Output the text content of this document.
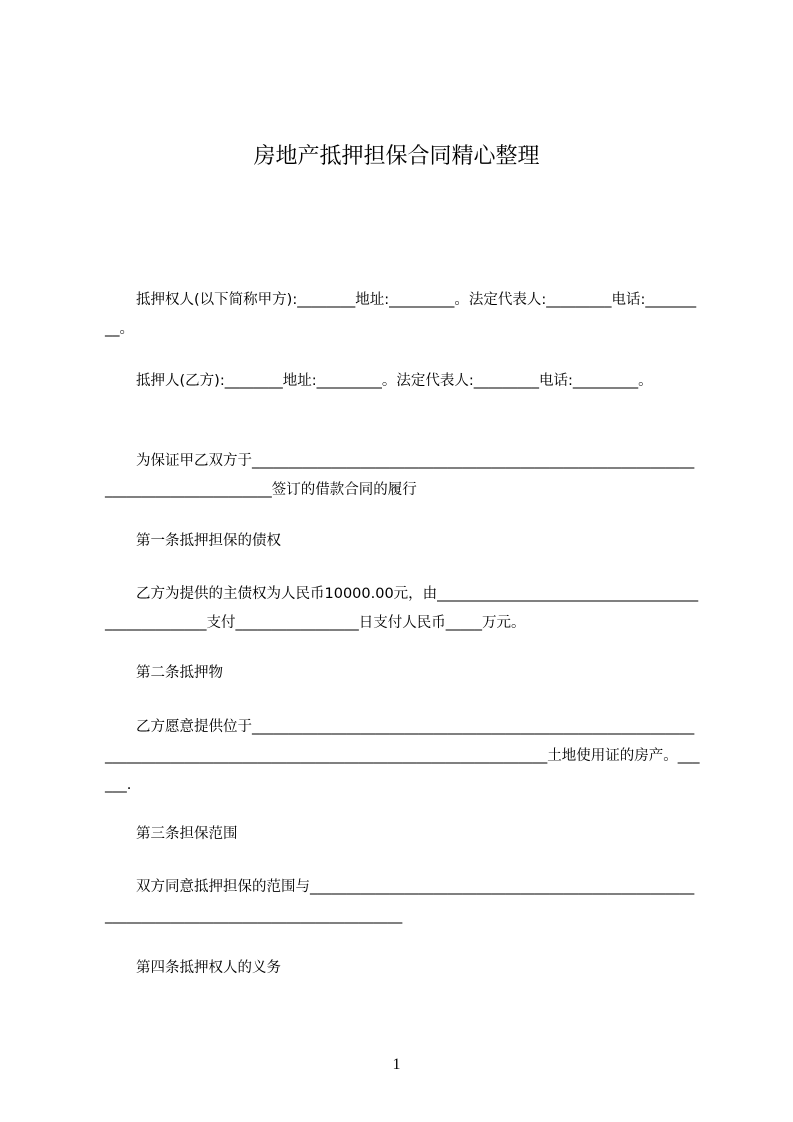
房地产抵押担保合同精心整理

抵押权人(以下简称甲方):________地址:_________。法定代表人:_________电话:_________。

抵押人(乙方):________地址:_________。法定代表人:_________电话:_________。

为保证甲乙双方于____________________________________________________________________________________签订的借款合同的履行

第一条抵押担保的债权

乙方为提供的主债权为人民币10000.00元，由__________________________________________________支付_________________日支付人民币_____万元。

第二条抵押物

乙方愿意提供位于__________________________________________________________________________________________________________________________土地使用证的房产。______.

第三条担保范围

双方同意抵押担保的范围与______________________________________________________________________________________________

第四条抵押权人的义务

1
